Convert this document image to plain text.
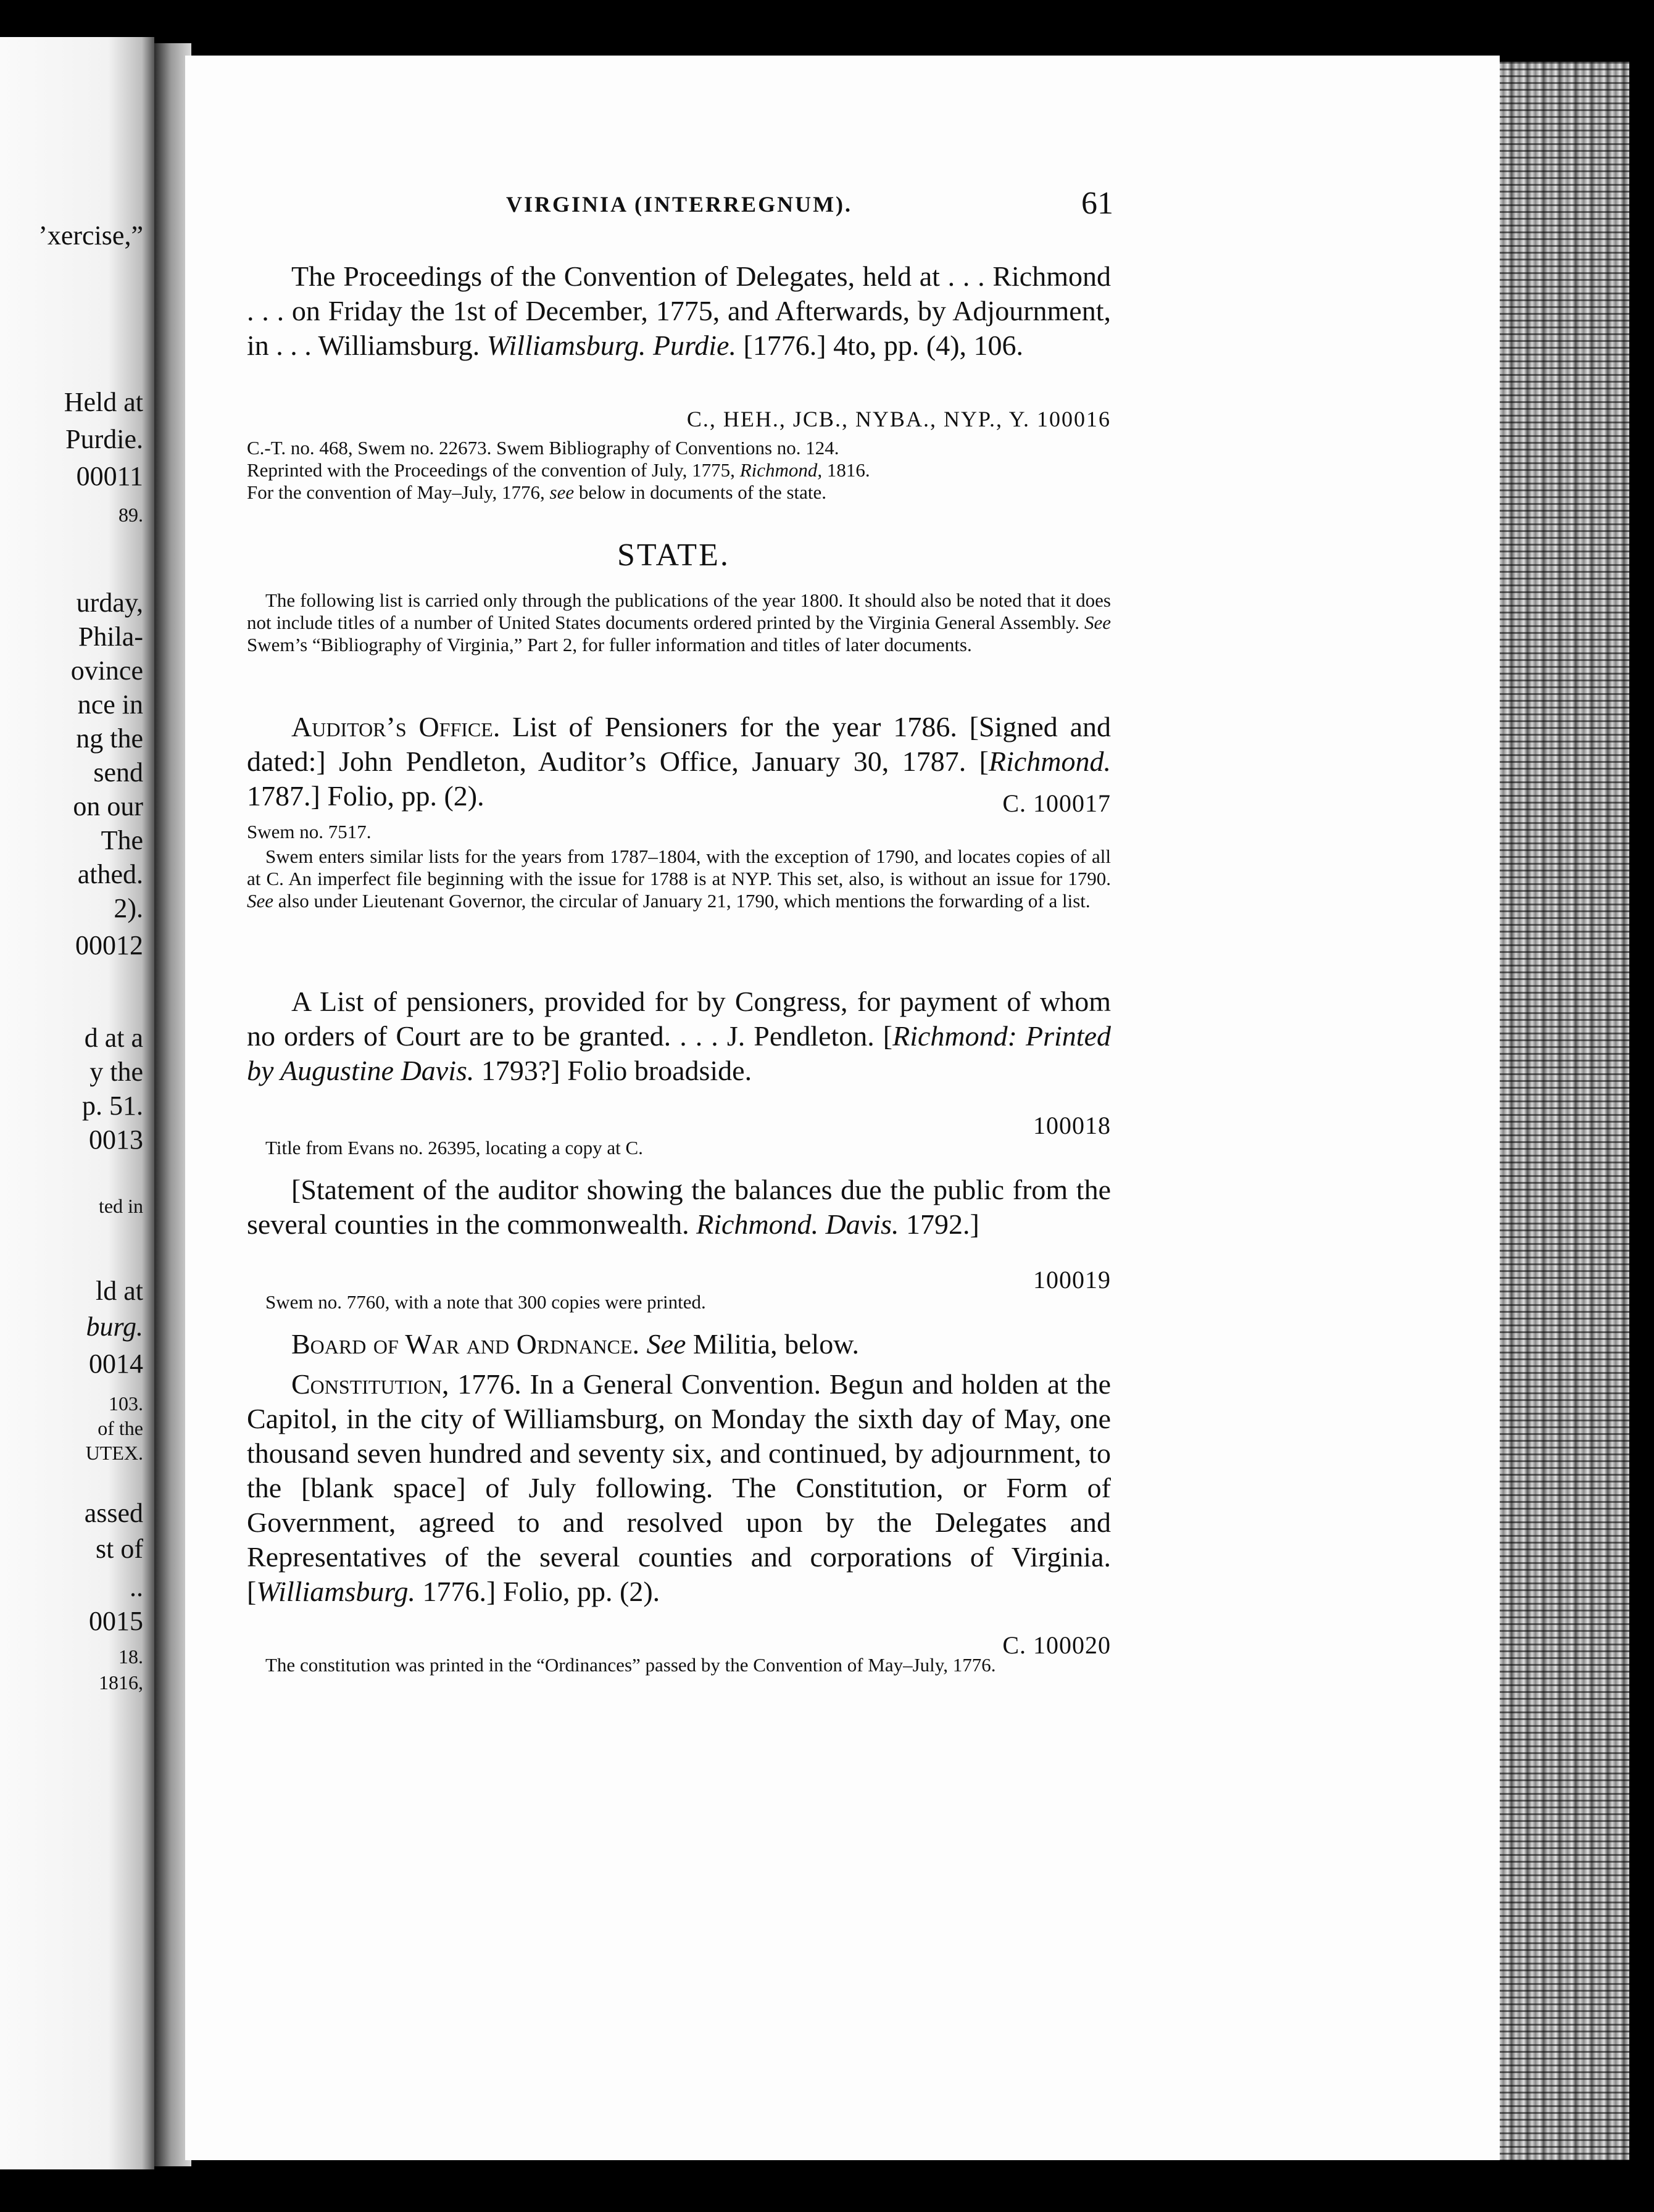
’xercise,”
Held at
Purdie.
00011
89.
urday,
Phila-
ovince
nce in
ng the
send
on our
The
athed.
2).
00012
d at a
y the
p. 51.
0013
ted in
ld at
burg.
0014
103.
of the
UTEX.
assed
st of
..
0015
18.
1816,
VIRGINIA (INTERREGNUM).	61

The Proceedings of the Convention of Delegates, held at . . . Richmond . . . on Friday the 1st of December, 1775, and Afterwards, by Adjournment, in . . . Williamsburg. Williamsburg. Purdie. [1776.] 4to, pp. (4), 106.

C., HEH., JCB., NYBA., NYP., Y. 100016

C.-T. no. 468, Swem no. 22673. Swem Bibliography of Conventions no. 124.
Reprinted with the Proceedings of the convention of July, 1775, Richmond, 1816.
For the convention of May–July, 1776, see below in documents of the state.

STATE.

The following list is carried only through the publications of the year 1800. It should also be noted that it does not include titles of a number of United States documents ordered printed by the Virginia General Assembly. See Swem’s “Bibliography of Virginia,” Part 2, for fuller information and titles of later documents.

Auditor’s Office. List of Pensioners for the year 1786. [Signed and dated:] John Pendleton, Auditor’s Office, January 30, 1787. [Richmond. 1787.] Folio, pp. (2).	C. 100017

Swem no. 7517.

Swem enters similar lists for the years from 1787–1804, with the exception of 1790, and locates copies of all at C. An imperfect file beginning with the issue for 1788 is at NYP. This set, also, is without an issue for 1790. See also under Lieutenant Governor, the circular of January 21, 1790, which mentions the forwarding of a list.

A List of pensioners, provided for by Congress, for payment of whom no orders of Court are to be granted. . . . J. Pendleton. [Richmond: Printed by Augustine Davis. 1793?] Folio broadside.

100018

Title from Evans no. 26395, locating a copy at C.

[Statement of the auditor showing the balances due the public from the several counties in the commonwealth. Richmond. Davis. 1792.]

100019

Swem no. 7760, with a note that 300 copies were printed.

Board of War and Ordnance. See Militia, below.

Constitution, 1776. In a General Convention. Begun and holden at the Capitol, in the city of Williamsburg, on Monday the sixth day of May, one thousand seven hundred and seventy six, and continued, by adjournment, to the [blank space] of July following. The Constitution, or Form of Government, agreed to and resolved upon by the Delegates and Representatives of the several counties and corporations of Virginia. [Williamsburg. 1776.] Folio, pp. (2).

C. 100020

The constitution was printed in the “Ordinances” passed by the Convention of May–July, 1776.
